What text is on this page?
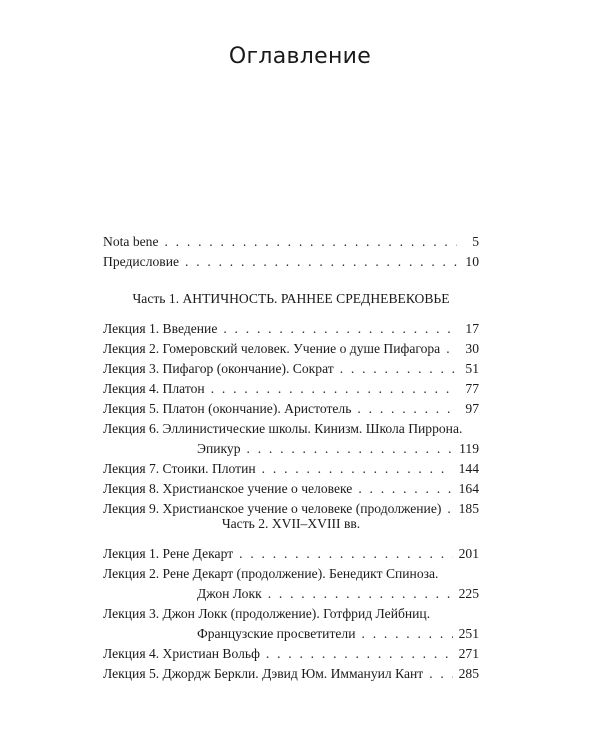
Оглавление
Nota bene . . .	5
Предисловие . . .	10
Часть 1. АНТИЧНОСТЬ. РАННЕЕ СРЕДНЕВЕКОВЬЕ
Лекция 1. Введение . . .	17
Лекция 2. Гомеровский человек. Учение о душе Пифагора . . . 30
Лекция 3. Пифагор (окончание). Сократ . . .	51
Лекция 4. Платон . . .	77
Лекция 5. Платон (окончание). Аристотель . . .	97
Лекция 6. Эллинистические школы. Кинизм. Школа Пиррона.
Эпикур . . .	119
Лекция 7. Стоики. Плотин . . .	144
Лекция 8. Христианское учение о человеке . . .	164
Лекция 9. Христианское учение о человеке (продолжение) . . . 185
Часть 2. XVII–XVIII вв.
Лекция 1. Рене Декарт . . .	201
Лекция 2. Рене Декарт (продолжение). Бенедикт Спиноза.
Джон Локк . . .	225
Лекция 3. Джон Локк (продолжение). Готфрид Лейбниц.
Французские просветители . . .	251
Лекция 4. Христиан Вольф . . .	271
Лекция 5. Джордж Беркли. Дэвид Юм. Иммануил Кант . . .	285
